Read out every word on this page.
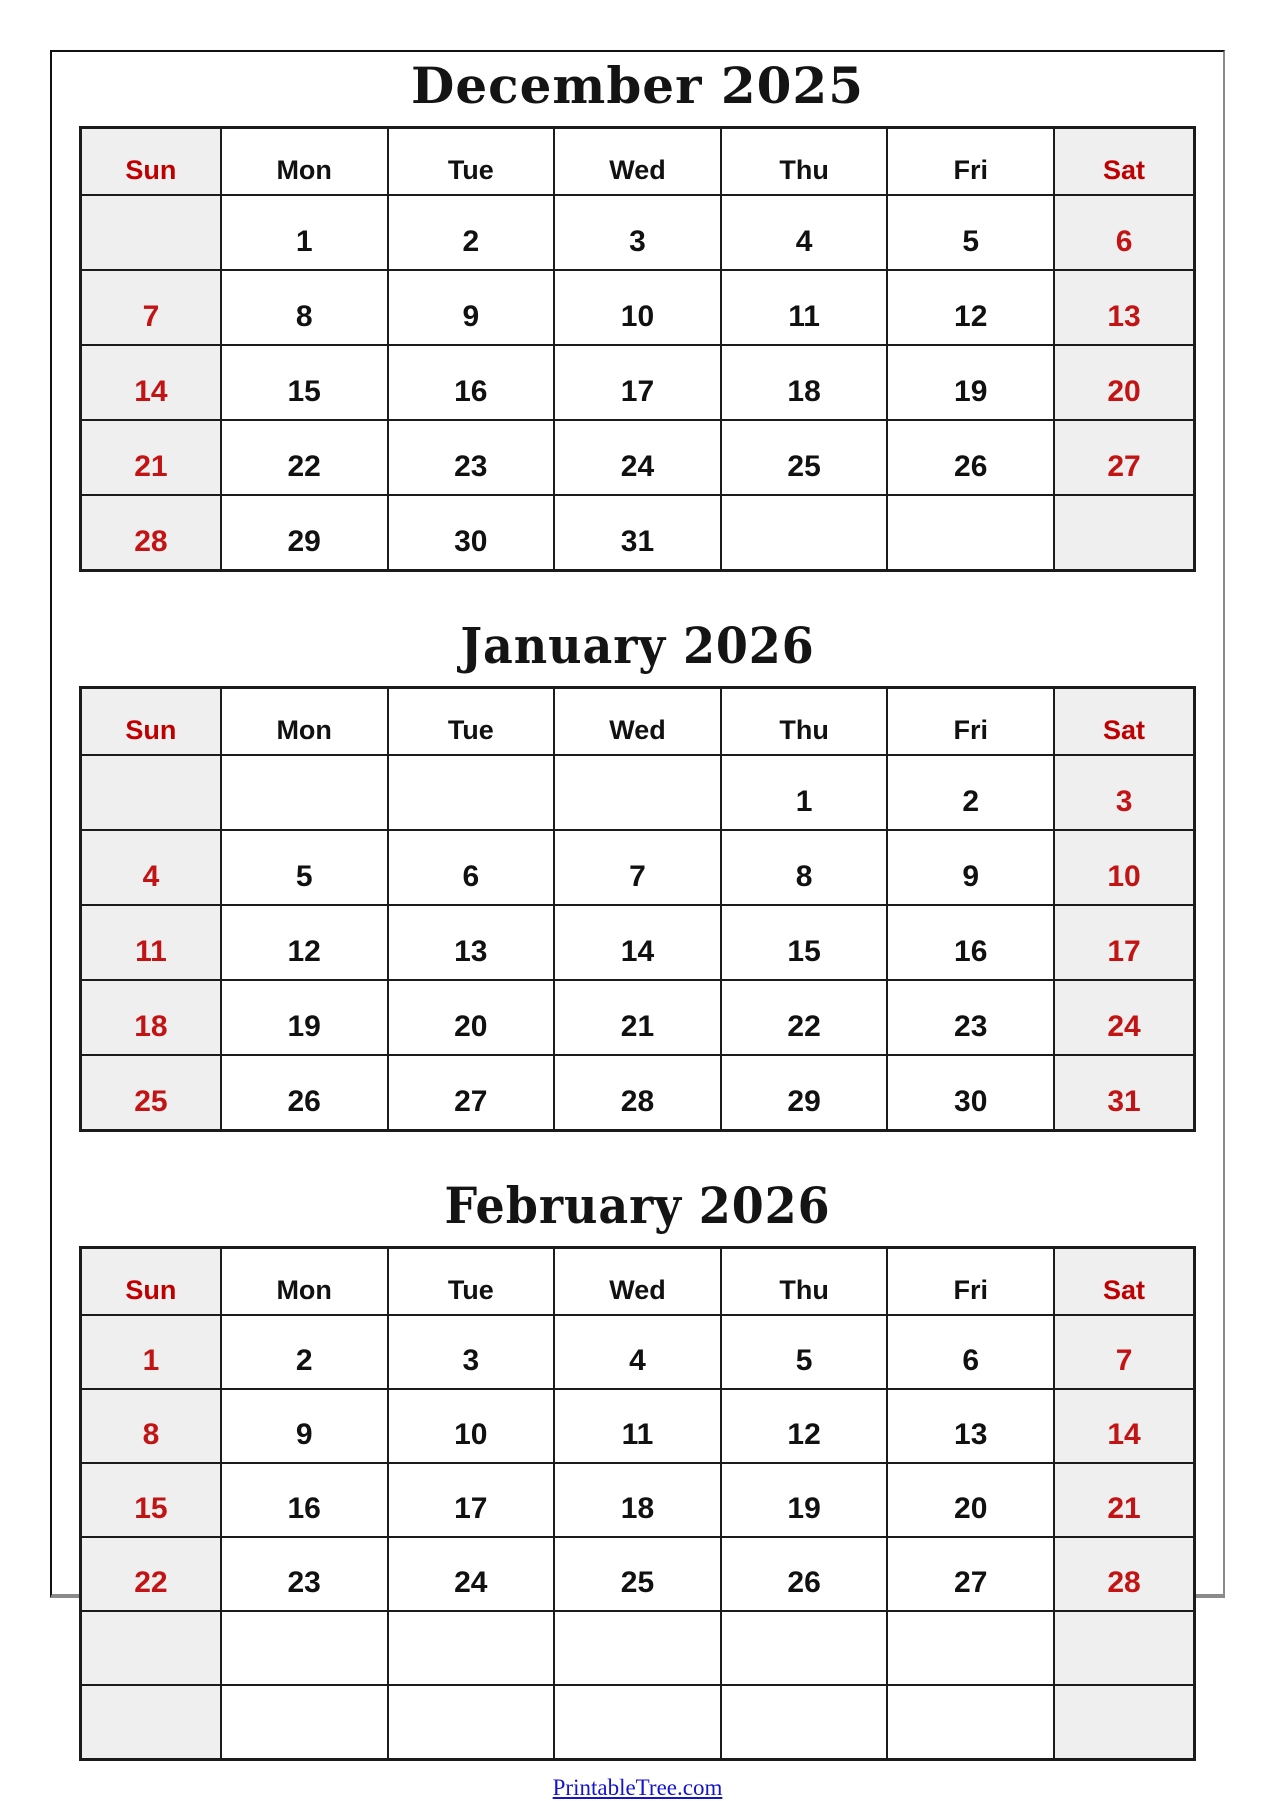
December 2025
Sun	Mon	Tue	Wed	Thu	Fri	Sat
	1	2	3	4	5	6
7	8	9	10	11	12	13
14	15	16	17	18	19	20
21	22	23	24	25	26	27
28	29	30	31			
January 2026
Sun	Mon	Tue	Wed	Thu	Fri	Sat
				1	2	3
4	5	6	7	8	9	10
11	12	13	14	15	16	17
18	19	20	21	22	23	24
25	26	27	28	29	30	31
February 2026
Sun	Mon	Tue	Wed	Thu	Fri	Sat
1	2	3	4	5	6	7
8	9	10	11	12	13	14
15	16	17	18	19	20	21
22	23	24	25	26	27	28

PrintableTree.com
